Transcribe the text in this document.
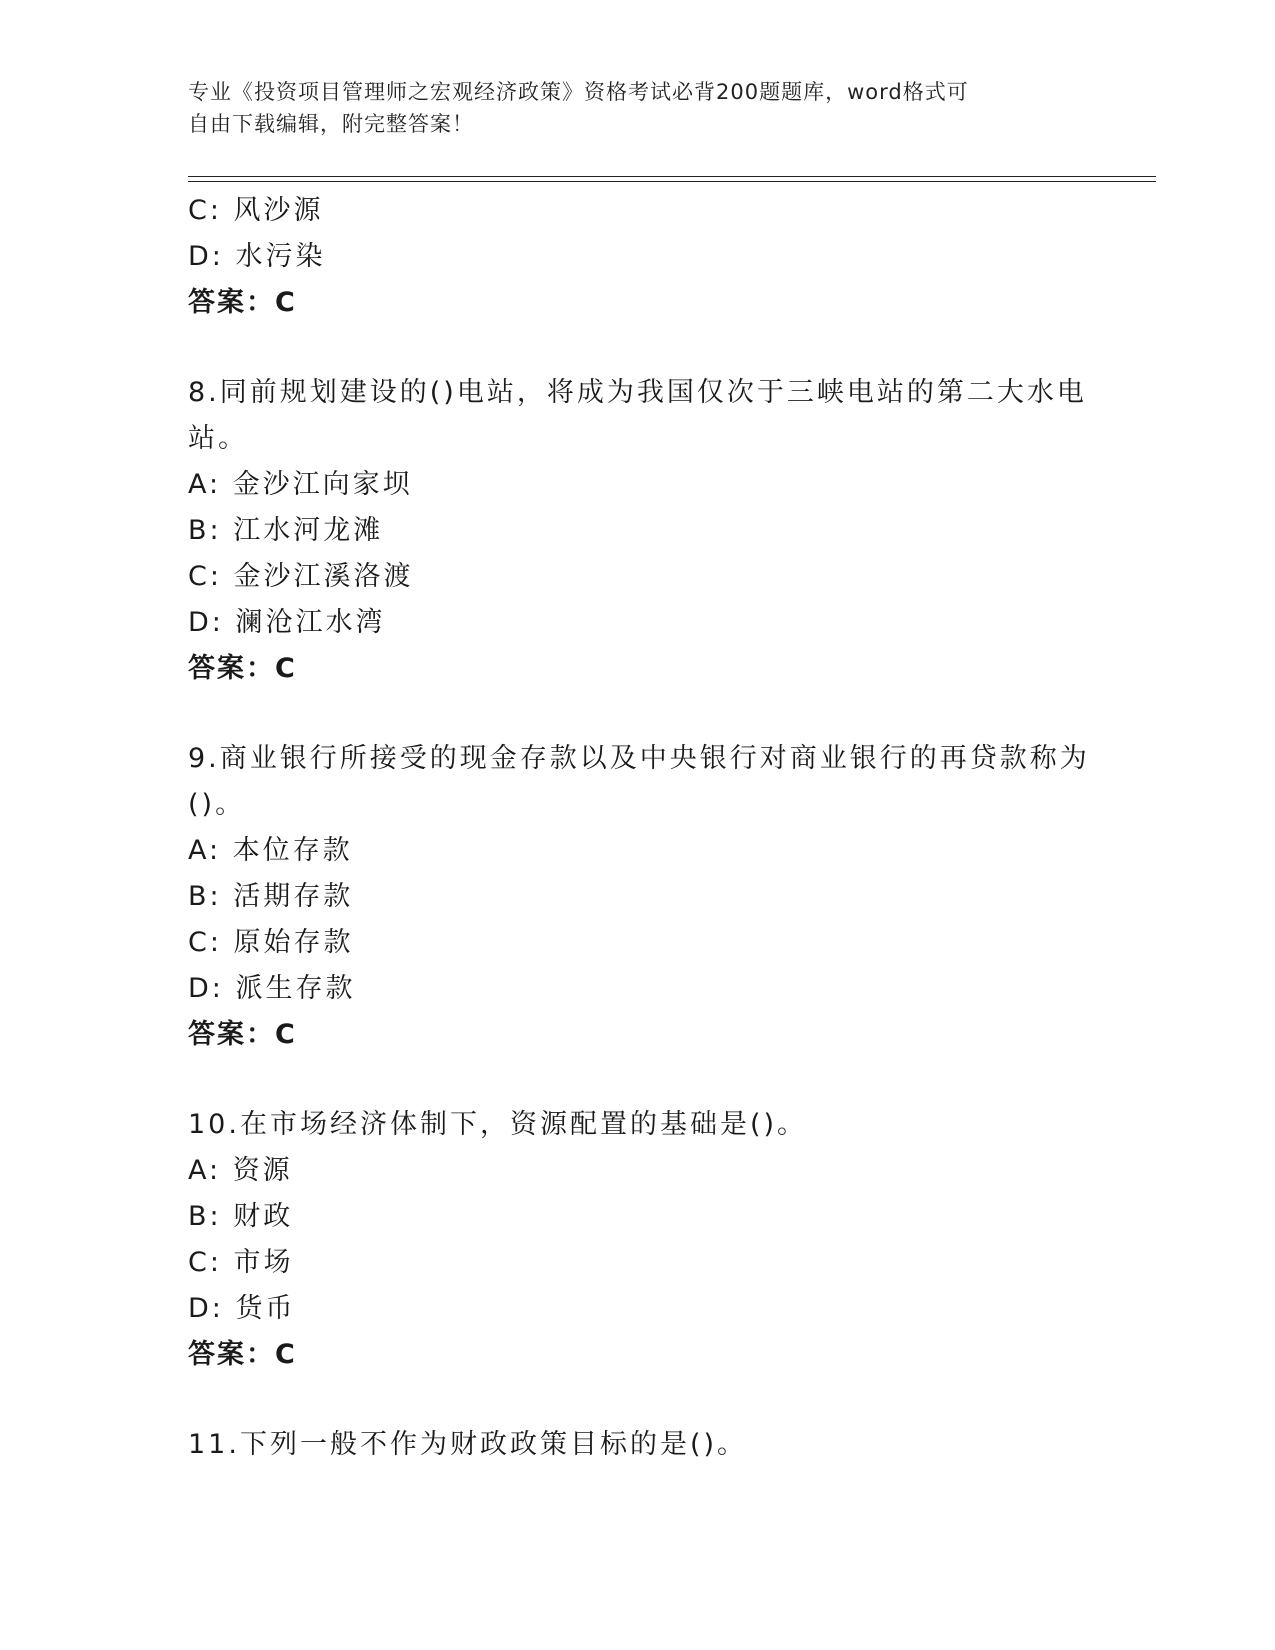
专业《投资项目管理师之宏观经济政策》资格考试必背200题题库，word格式可
自由下载编辑，附完整答案！
C: 风沙源
D: 水污染
答案：C
8.同前规划建设的()电站，将成为我国仅次于三峡电站的第二大水电
站。
A: 金沙江向家坝
B: 江水河龙滩
C: 金沙江溪洛渡
D: 澜沧江水湾
答案：C
9.商业银行所接受的现金存款以及中央银行对商业银行的再贷款称为
()。
A: 本位存款
B: 活期存款
C: 原始存款
D: 派生存款
答案：C
10.在市场经济体制下，资源配置的基础是()。
A: 资源
B: 财政
C: 市场
D: 货币
答案：C
11.下列一般不作为财政政策目标的是()。
